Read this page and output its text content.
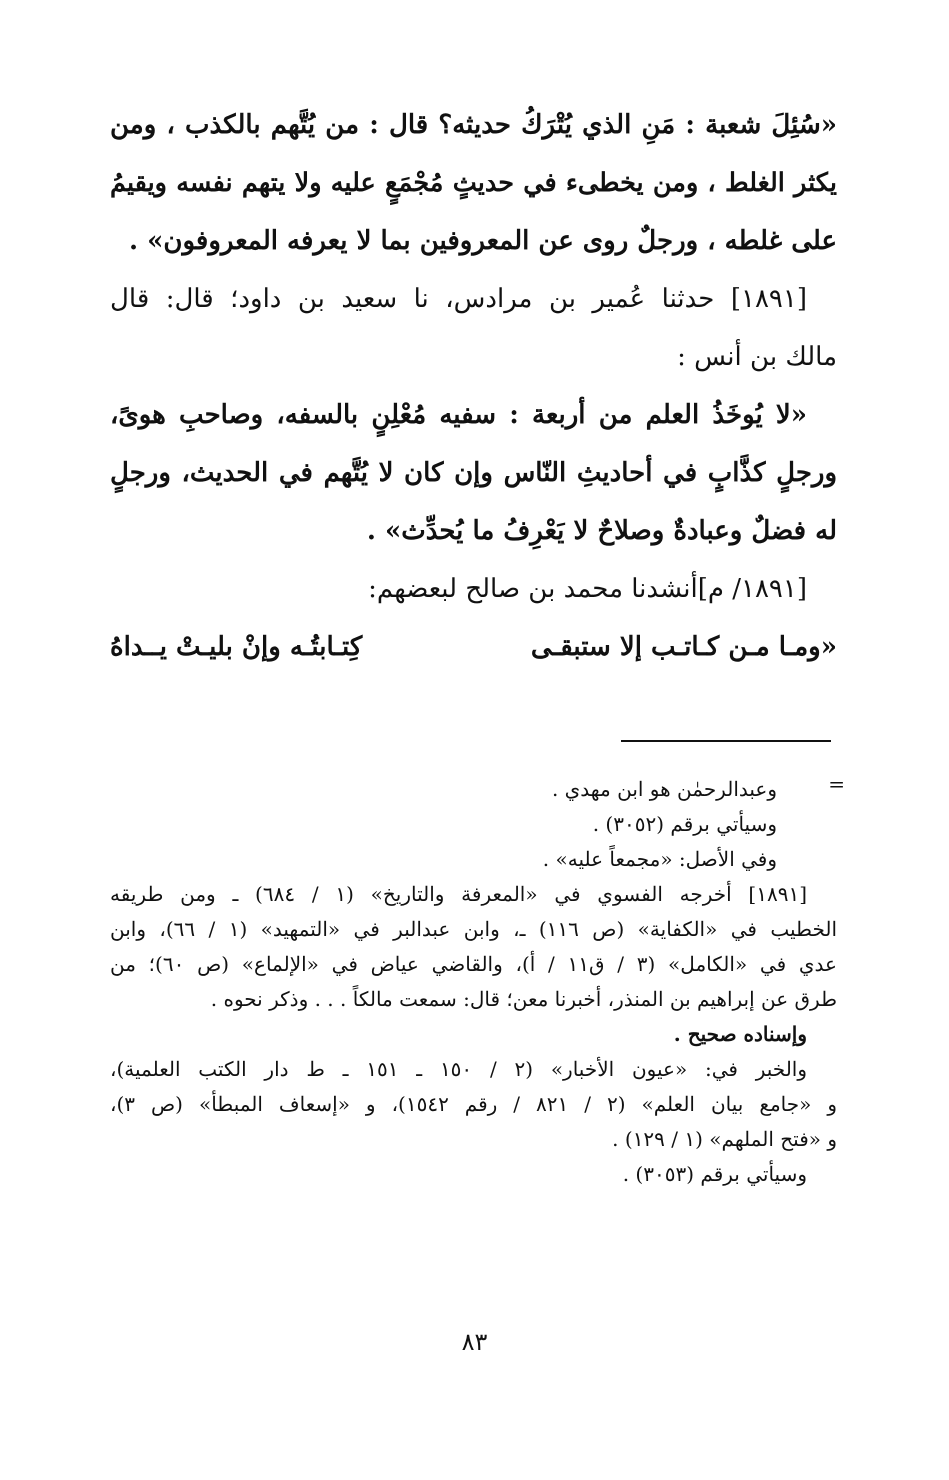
«سُئِلَ شعبة : مَنِ الذي يُتْرَكُ حديثه؟ قال : من يُتَّهم بالكذب ، ومن
يكثر الغلط ، ومن يخطىء في حديثٍ مُجْمَعٍ عليه ولا يتهم نفسه ويقيمُ
على غلطه ، ورجلٌ روى عن المعروفين بما لا يعرفه المعروفون» .
[١٨٩١] حدثنا عُمير بن مرادس، نا سعيد بن داود؛ قال: قال
مالك بن أنس :
«لا يُوخَذُ العلم من أربعة : سفيه مُعْلِنٍ بالسفه، وصاحبِ هوىً،
ورجلٍ كذَّابٍ في أحاديثِ النّاس وإن كان لا يُتَّهم في الحديث، ورجلٍ
له فضلٌ وعبادةٌ وصلاحٌ لا يَعْرِفُ ما يُحدِّث» .
[١٨٩١/ م]أنشدنا محمد بن صالح لبعضهم:
«ومـا مـن كـاتـب إلا ستبقـى
كِتـابتُـه وإنْ بليـتْ يــداهُ
=
وعبدالرحمٰن هو ابن مهدي .
وسيأتي برقم (٣٠٥٢) .
وفي الأصل: «مجمعاً عليه» .
[١٨٩١] أخرجه الفسوي في «المعرفة والتاريخ» (١ / ٦٨٤) ـ ومن طريقه
الخطيب في «الكفاية» (ص ١١٦) ـ، وابن عبدالبر في «التمهيد» (١ / ٦٦)، وابن
عدي في «الكامل» (٣ / ق١١ / أ)، والقاضي عياض في «الإلماع» (ص ٦٠)؛ من
طرق عن إبراهيم بن المنذر، أخبرنا معن؛ قال: سمعت مالكاً . . . وذكر نحوه .
وإسناده صحيح .
والخبر في: «عيون الأخبار» (٢ / ١٥٠ ـ ١٥١ ـ ط دار الكتب العلمية)،
و «جامع بيان العلم» (٢ / ٨٢١ / رقم ١٥٤٢)، و «إسعاف المبطأ» (ص ٣)،
و «فتح الملهم» (١ / ١٢٩) .
وسيأتي برقم (٣٠٥٣) .
٨٣
